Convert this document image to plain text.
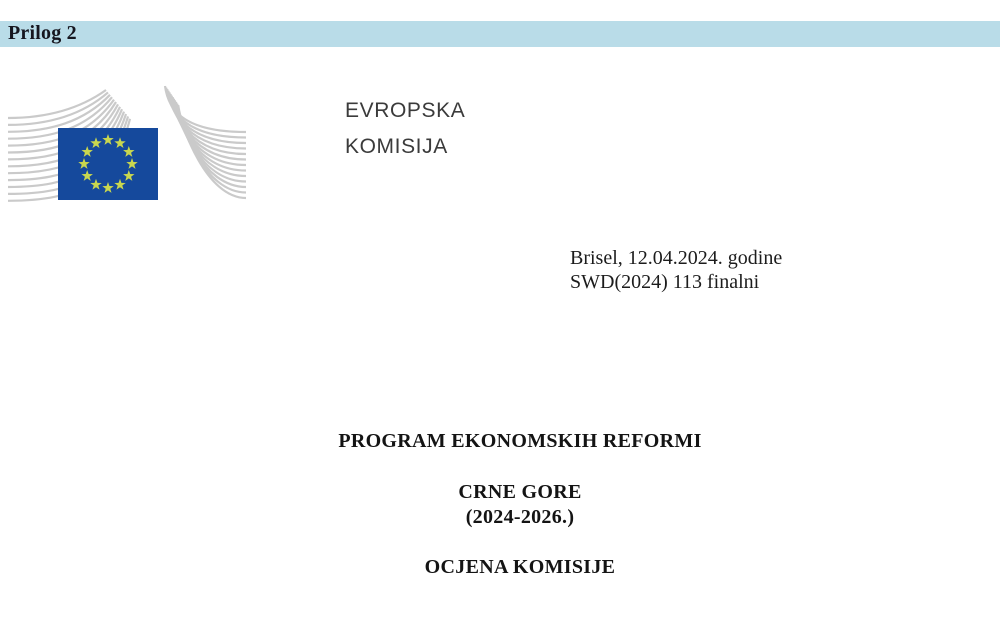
Prilog 2
EVROPSKA
KOMISIJA
Brisel, 12.04.2024. godine
SWD(2024) 113 finalni
PROGRAM EKONOMSKIH REFORMI
CRNE GORE
(2024-2026.)
OCJENA KOMISIJE
